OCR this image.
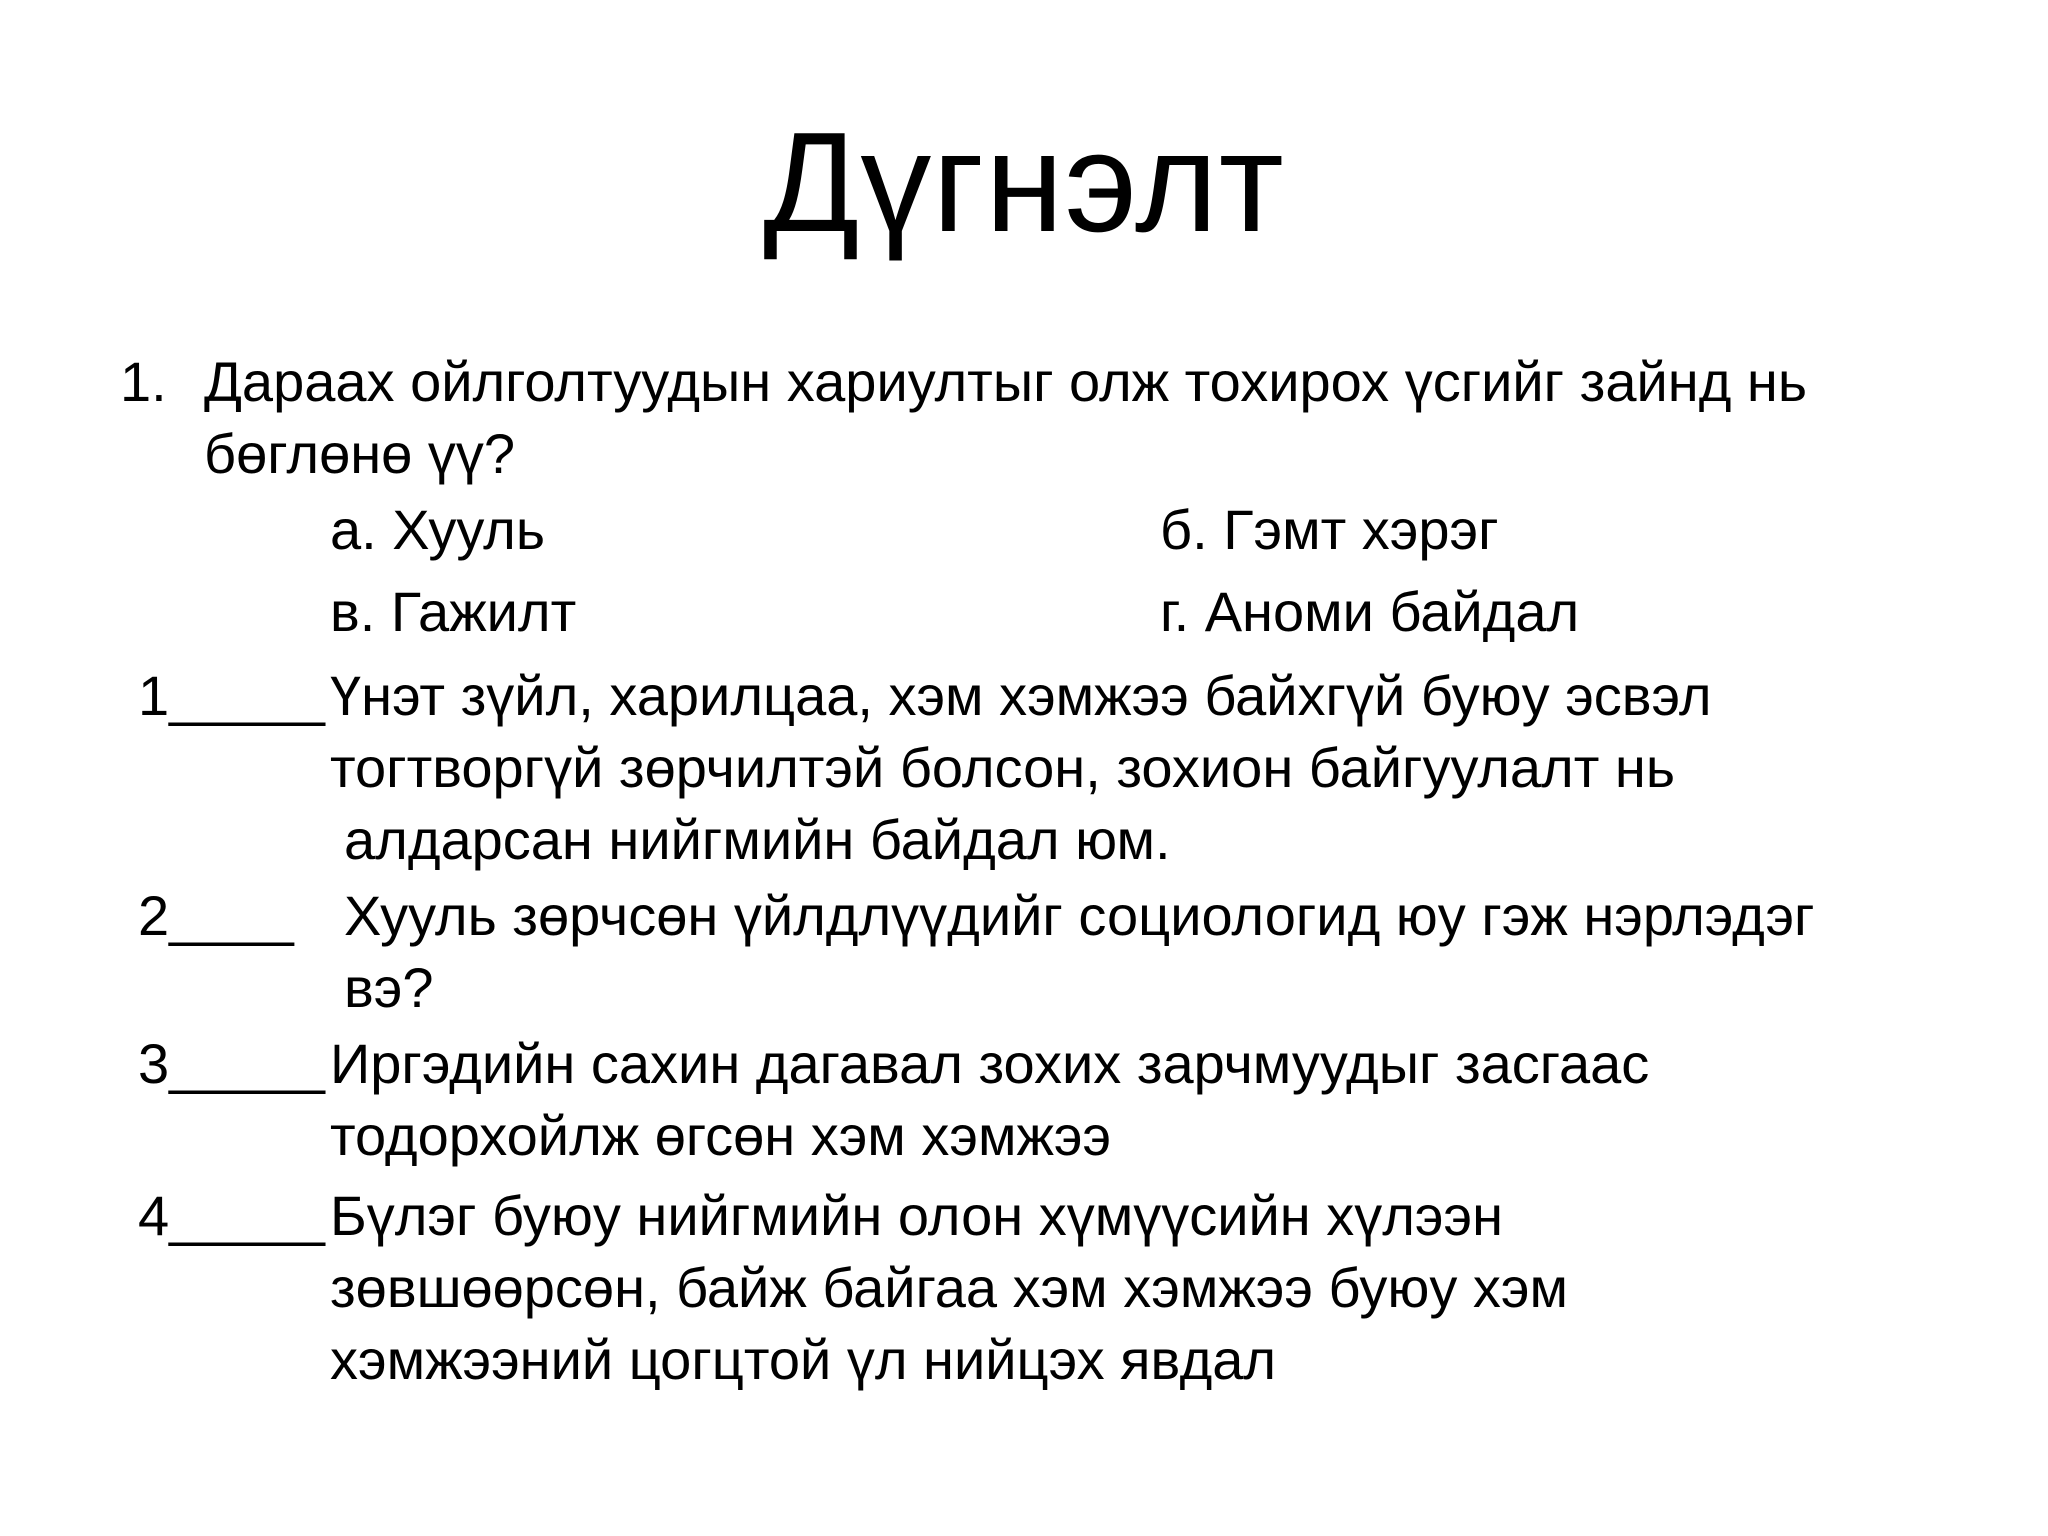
Дүгнэлт
1. Дараах ойлголтуудын хариултыг олж тохирох үсгийг зайнд нь
бөглөнө үү?
а. Хууль	б. Гэмт хэрэг
в. Гажилт	г. Аноми байдал
1_____ Үнэт зүйл, харилцаа, хэм хэмжээ байхгүй буюу эсвэл
тогтворгүй зөрчилтэй болсон, зохион байгуулалт нь
алдарсан нийгмийн байдал юм.
2____ Хууль зөрчсөн үйлдлүүдийг социологид юу гэж нэрлэдэг
вэ?
3_____ Иргэдийн сахин дагавал зохих зарчмуудыг засгаас
тодорхойлж өгсөн хэм хэмжээ
4_____ Бүлэг буюу нийгмийн олон хүмүүсийн хүлээн
зөвшөөрсөн, байж байгаа хэм хэмжээ буюу хэм
хэмжээний цогцтой үл нийцэх явдал
